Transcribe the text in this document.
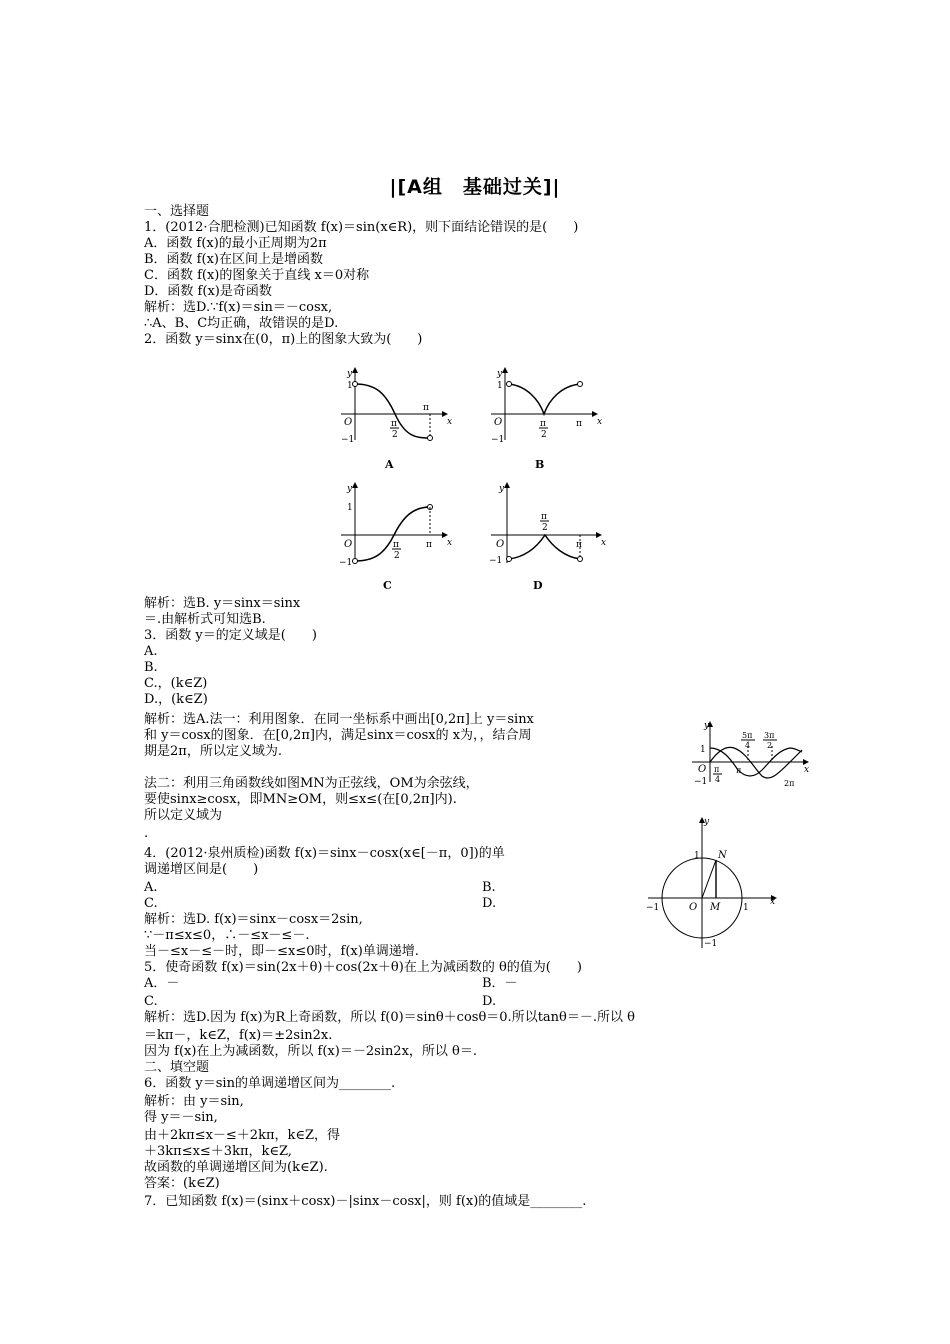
|[A组　基础过关]|
一、选择题
1．(2012·合肥检测)已知函数 f(x)＝sin(x∈R)，则下面结论错误的是(　　)
A．函数 f(x)的最小正周期为2π
B．函数 f(x)在区间上是增函数
C．函数 f(x)的图象关于直线 x＝0对称
D．函数 f(x)是奇函数
解析：选D.∵f(x)＝sin＝－cosx,
∴A、B、C均正确，故错误的是D.
2．函数 y＝sinx在(0，π)上的图象大致为(　　)
y
x
O
1
−1
π
2
π
A
y
x
O
1
−1
π
2
π
B
y
x
O
1
−1
π
2
π
C
y
x
O
−1
π
2
π
D
解析：选B. y＝sinx＝sinx
＝.由解析式可知选B.
3．函数 y＝的定义域是(　　)
A.
B.
C.，(k∈Z)
D.，(k∈Z)
解析：选A.法一：利用图象．在同一坐标系中画出[0,2π]上 y＝sinx
和 y＝cosx的图象．在[0,2π]内，满足sinx＝cosx的 x为，，结合周
期是2π，所以定义域为.
法二：利用三角函数线如图MN为正弦线，OM为余弦线，
要使sinx≥cosx，即MN≥OM，则≤x≤(在[0,2π]内).
所以定义域为
.
y
x
O
1
−1
π
4
5π
4
3π
2
π
2π
y
x
O
1
1
−1
−1
M
N
4．(2012·泉州质检)函数 f(x)＝sinx－cosx(x∈[－π，0])的单
调递增区间是(　　)
A.	B.
C.	D.
解析：选D. f(x)＝sinx－cosx＝2sin,
∵－π≤x≤0，∴－≤x－≤－.
当－≤x－≤－时，即－≤x≤0时，f(x)单调递增.
5．使奇函数 f(x)＝sin(2x＋θ)＋cos(2x＋θ)在上为减函数的 θ的值为(　　)
A．－	B．－
C.	D.
解析：选D.因为 f(x)为R上奇函数，所以 f(0)＝sinθ＋cosθ＝0.所以tanθ＝－.所以 θ
＝kπ－，k∈Z，f(x)＝±2sin2x.
因为 f(x)在上为减函数，所以 f(x)＝－2sin2x，所以 θ＝.
二、填空题
6．函数 y＝sin的单调递增区间为________.
解析：由 y＝sin,
得 y＝－sin,
由＋2kπ≤x－≤＋2kπ，k∈Z，得
＋3kπ≤x≤＋3kπ，k∈Z,
故函数的单调递增区间为(k∈Z).
答案：(k∈Z)
7．已知函数 f(x)＝(sinx＋cosx)－|sinx－cosx|，则 f(x)的值域是________.
